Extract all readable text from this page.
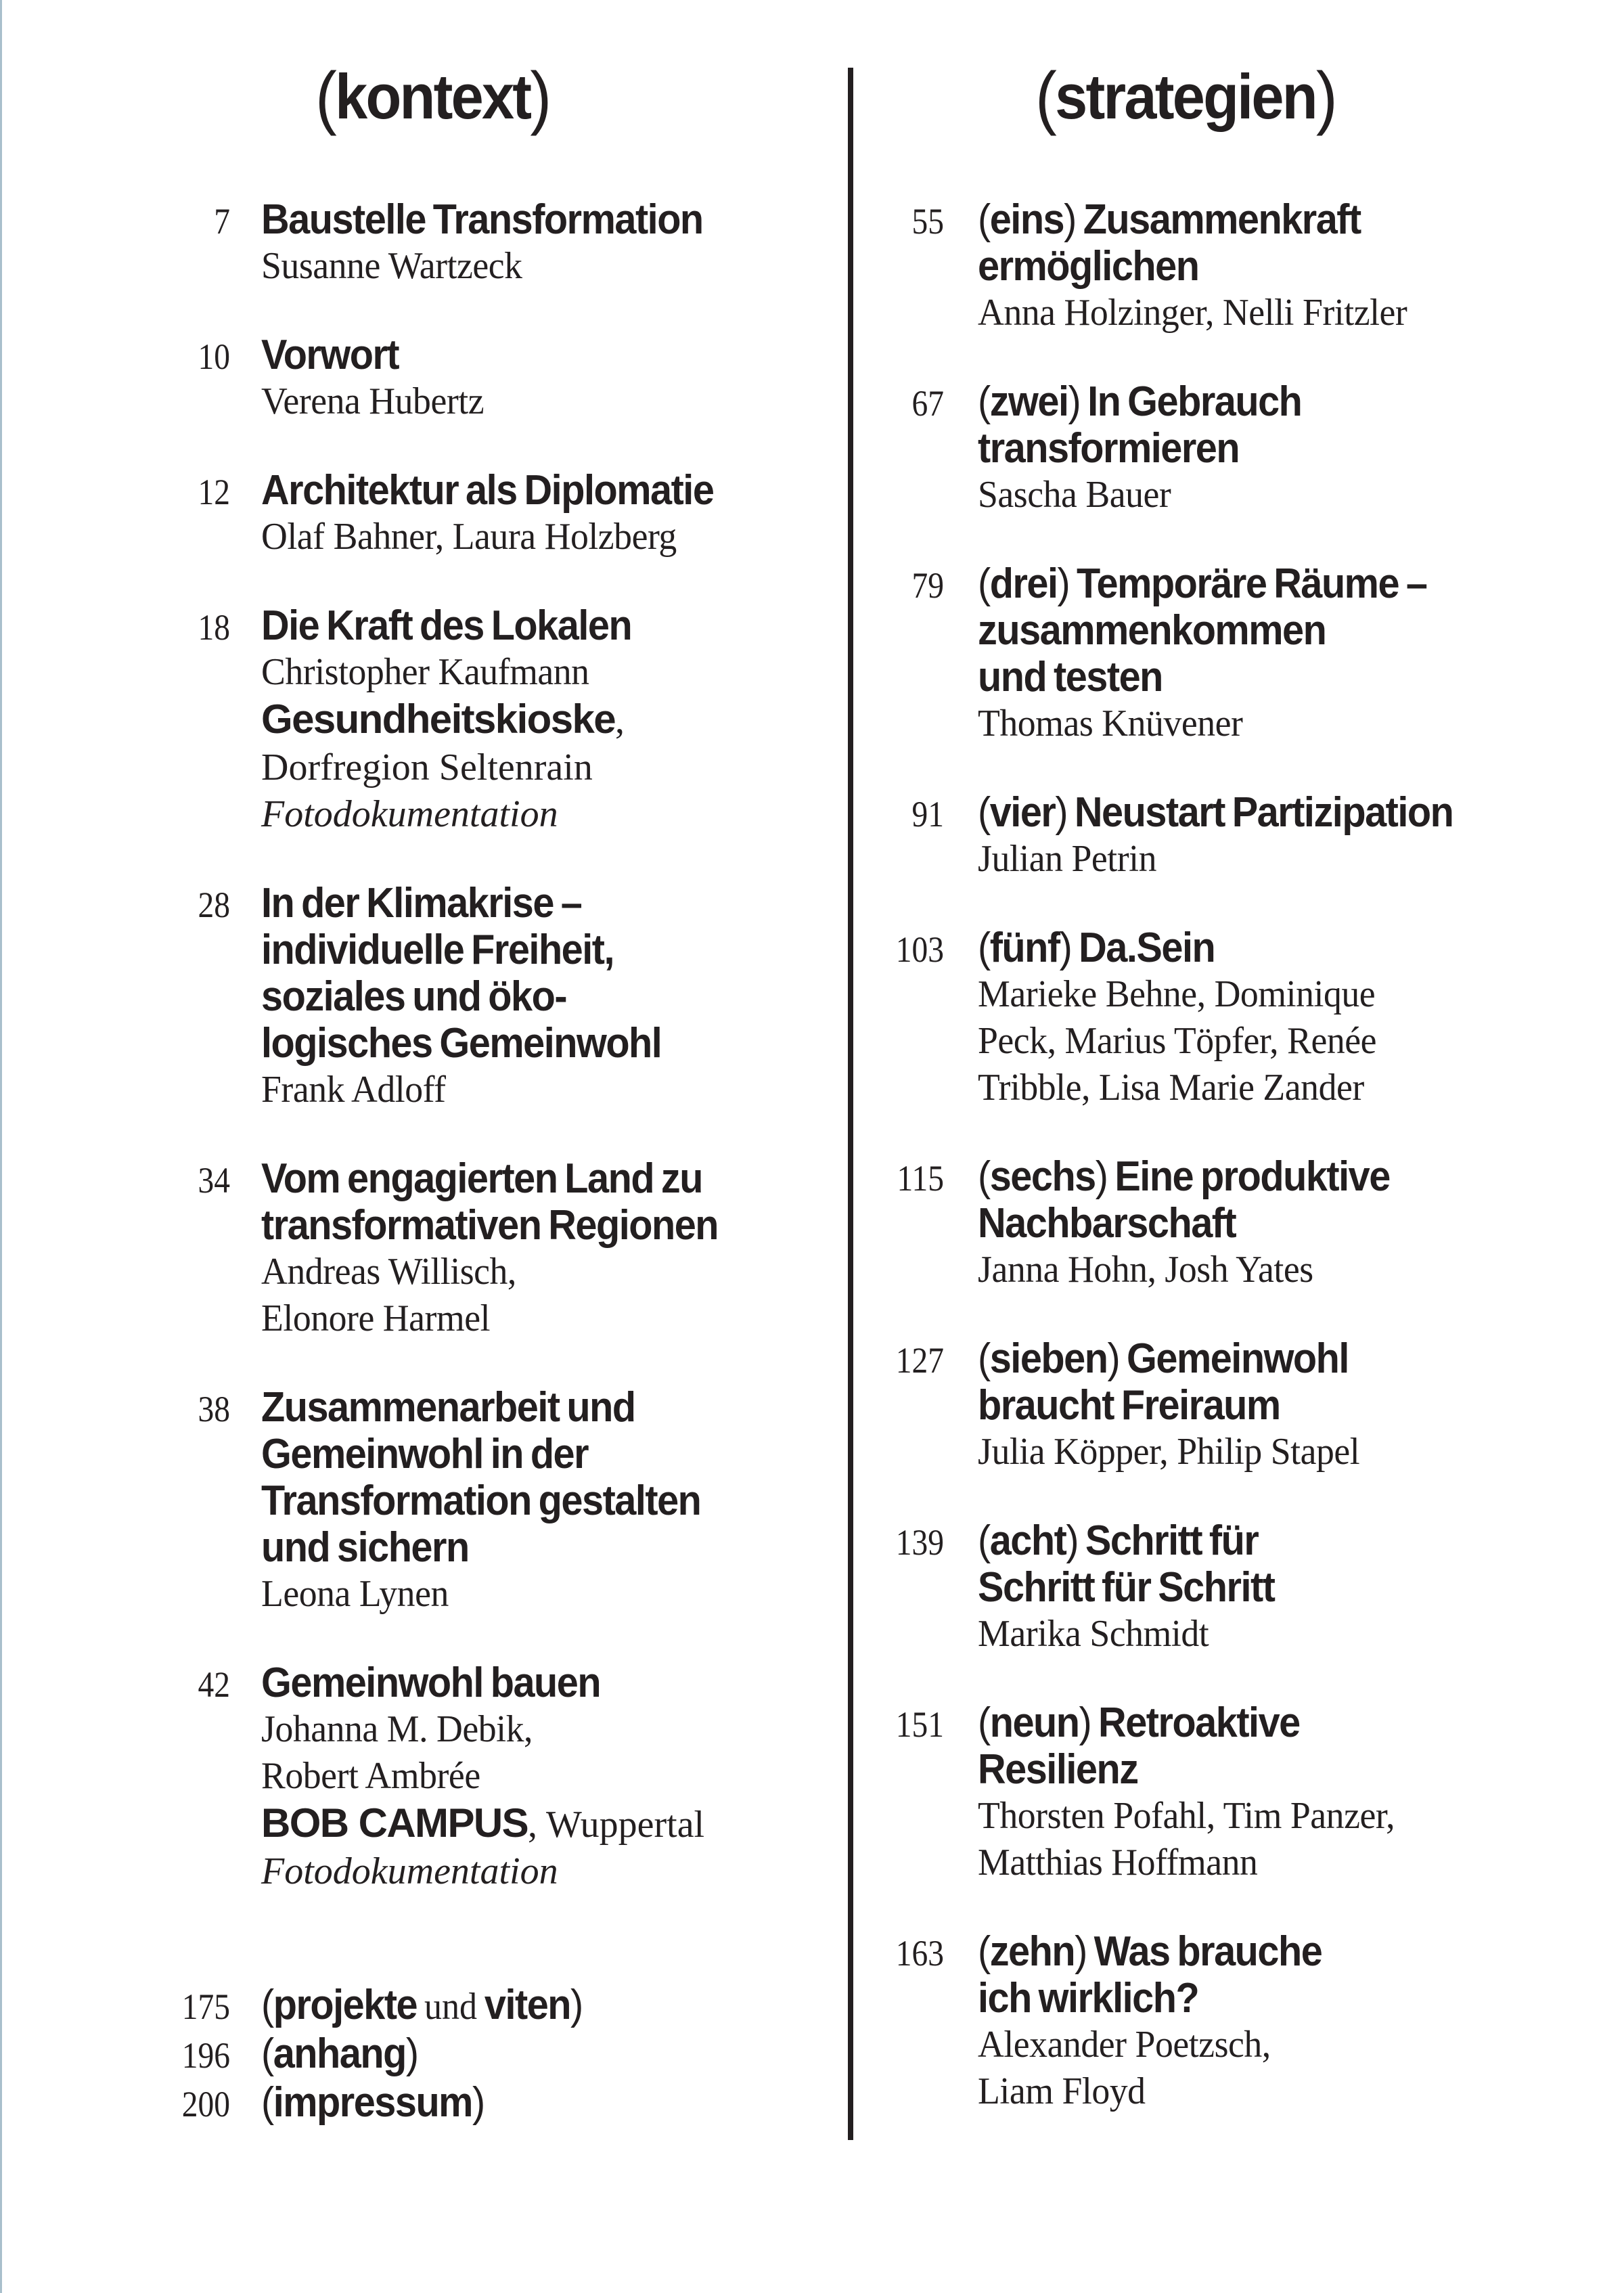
(kontext)	(strategien)
7 Baustelle Transformation
Susanne Wartzeck
10 Vorwort
Verena Hubertz
12 Architektur als Diplomatie
Olaf Bahner, Laura Holzberg
18 Die Kraft des Lokalen
Christopher Kaufmann
Gesundheitskioske,
Dorfregion Seltenrain
Fotodokumentation
28 In der Klimakrise –
individuelle Freiheit,
soziales und öko-
logisches Gemeinwohl
Frank Adloff
34 Vom engagierten Land zu
transformativen Regionen
Andreas Willisch,
Elonore Harmel
38 Zusammenarbeit und
Gemeinwohl in der
Transformation gestalten
und sichern
Leona Lynen
42 Gemeinwohl bauen
Johanna M. Debik,
Robert Ambrée
BOB CAMPUS, Wuppertal
Fotodokumentation
175 (projekte und viten)
196 (anhang)
200 (impressum)
55 (eins) Zusammenkraft
ermöglichen
Anna Holzinger, Nelli Fritzler
67 (zwei) In Gebrauch
transformieren
Sascha Bauer
79 (drei) Temporäre Räume –
zusammenkommen
und testen
Thomas Knüvener
91 (vier) Neustart Partizipation
Julian Petrin
103 (fünf) Da.Sein
Marieke Behne, Dominique
Peck, Marius Töpfer, Renée
Tribble, Lisa Marie Zander
115 (sechs) Eine produktive
Nachbarschaft
Janna Hohn, Josh Yates
127 (sieben) Gemeinwohl
braucht Freiraum
Julia Köpper, Philip Stapel
139 (acht) Schritt für
Schritt für Schritt
Marika Schmidt
151 (neun) Retroaktive
Resilienz
Thorsten Pofahl, Tim Panzer,
Matthias Hoffmann
163 (zehn) Was brauche
ich wirklich?
Alexander Poetzsch,
Liam Floyd
